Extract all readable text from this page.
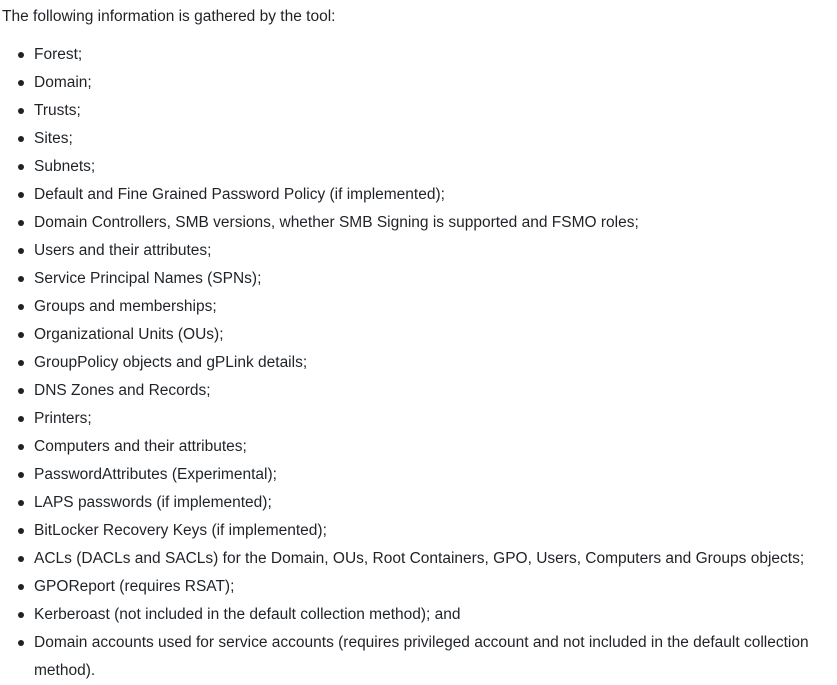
The following information is gathered by the tool:

Forest;
Domain;
Trusts;
Sites;
Subnets;
Default and Fine Grained Password Policy (if implemented);
Domain Controllers, SMB versions, whether SMB Signing is supported and FSMO roles;
Users and their attributes;
Service Principal Names (SPNs);
Groups and memberships;
Organizational Units (OUs);
GroupPolicy objects and gPLink details;
DNS Zones and Records;
Printers;
Computers and their attributes;
PasswordAttributes (Experimental);
LAPS passwords (if implemented);
BitLocker Recovery Keys (if implemented);
ACLs (DACLs and SACLs) for the Domain, OUs, Root Containers, GPO, Users, Computers and Groups objects;
GPOReport (requires RSAT);
Kerberoast (not included in the default collection method); and
Domain accounts used for service accounts (requires privileged account and not included in the default collection method).
